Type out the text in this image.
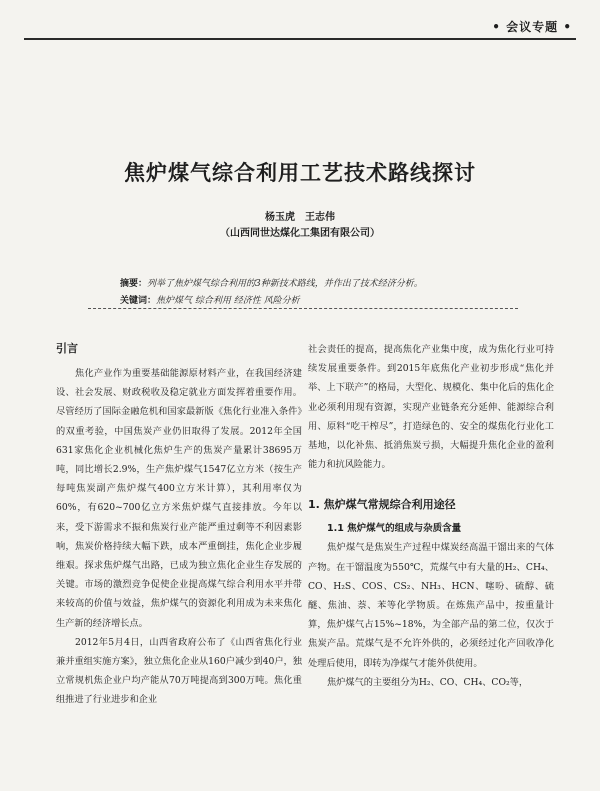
• 会议专题 •
焦炉煤气综合利用工艺技术路线探讨
杨玉虎　王志伟
（山西同世达煤化工集团有限公司）
摘要：列举了焦炉煤气综合利用的3种新技术路线，并作出了技术经济分析。
关键词：焦炉煤气 综合利用 经济性 风险分析
引言

焦化产业作为重要基础能源原材料产业，在我国经济建设、社会发展、财政税收及稳定就业方面发挥着重要作用。尽管经历了国际金融危机和国家最新版《焦化行业准入条件》的双重考验，中国焦炭产业仍旧取得了发展。2012年全国631家焦化企业机械化焦炉生产的焦炭产量累计38695万吨，同比增长2.9%，生产焦炉煤气1547亿立方米（按生产每吨焦炭副产焦炉煤气400立方米计算），其利用率仅为60%，有620~700亿立方米焦炉煤气直接排放。今年以来，受下游需求不振和焦炭行业产能严重过剩等不利因素影响，焦炭价格持续大幅下跌，成本严重倒挂，焦化企业步履维艰。探求焦炉煤气出路，已成为独立焦化企业生存发展的关键。市场的激烈竞争促使企业提高煤气综合利用水平并带来较高的价值与效益，焦炉煤气的资源化利用成为未来焦化生产新的经济增长点。

2012年5月4日，山西省政府公布了《山西省焦化行业兼并重组实施方案》，独立焦化企业从160户减少到40户，独立常规机焦企业户均产能从70万吨提高到300万吨。焦化重组推进了行业进步和企业

社会责任的提高，提高焦化产业集中度，成为焦化行业可持续发展重要条件。到2015年底焦化产业初步形成“焦化并举、上下联产”的格局，大型化、规模化、集中化后的焦化企业必须利用现有资源，实现产业链条充分延伸、能源综合利用、原料“吃干榨尽”，打造绿色的、安全的煤焦化行业化工基地，以化补焦、抵消焦炭亏损，大幅提升焦化企业的盈利能力和抗风险能力。

1. 焦炉煤气常规综合利用途径
1.1 焦炉煤气的组成与杂质含量

焦炉煤气是焦炭生产过程中煤炭经高温干馏出来的气体产物。在干馏温度为550℃，荒煤气中有大量的H₂、CH₄、CO、H₂S、COS、CS₂、NH₃、HCN、噻吩、硫醇、硫醚、焦油、萘、苯等化学物质。在炼焦产品中，按重量计算，焦炉煤气占15%~18%，为全部产品的第二位，仅次于焦炭产品。荒煤气是不允许外供的，必须经过化产回收净化处理后使用，即转为净煤气才能外供使用。

焦炉煤气的主要组分为H₂、CO、CH₄、CO₂等，
